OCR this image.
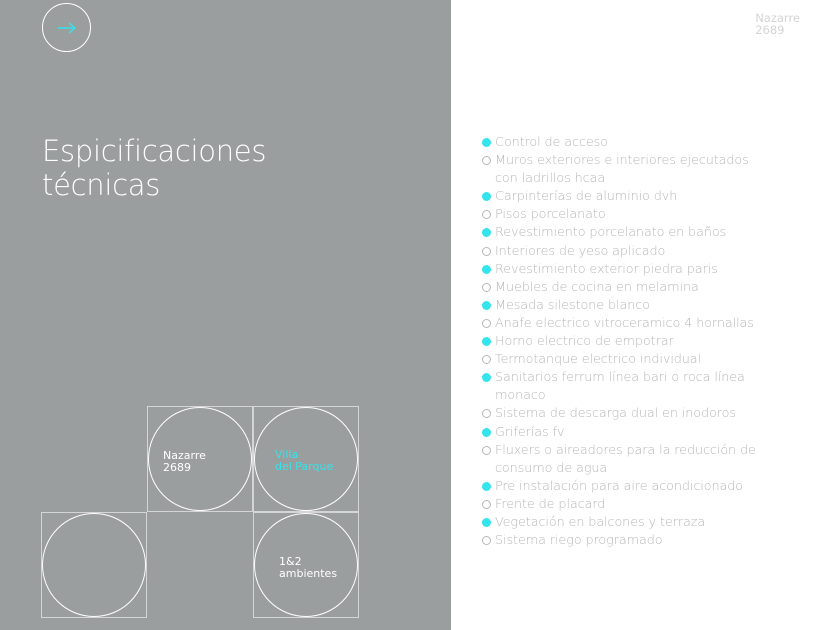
Espicificaciones
técnicas
Nazarre
2689
Villa
del Parque
1&2
ambientes
Nazarre
2689
Control de acceso
Muros exteriores e interiores ejecutados con ladrillos hcaa
Carpinterías de aluminio dvh
Pisos porcelanato
Revestimiento porcelanato en baños
Interiores de yeso aplicado
Revestimiento exterior piedra paris
Muebles de cocina en melamina
Mesada silestone blanco
Anafe electrico vitroceramico 4 hornallas
Horno electrico de empotrar
Termotanque electrico individual
Sanitarios ferrum línea bari o roca línea monaco
Sistema de descarga dual en inodoros
Griferías fv
Fluxers o aireadores para la reducción de consumo de agua
Pre instalación para aire acondicionado
Frente de placard
Vegetación en balcones y terraza
Sistema riego programado
